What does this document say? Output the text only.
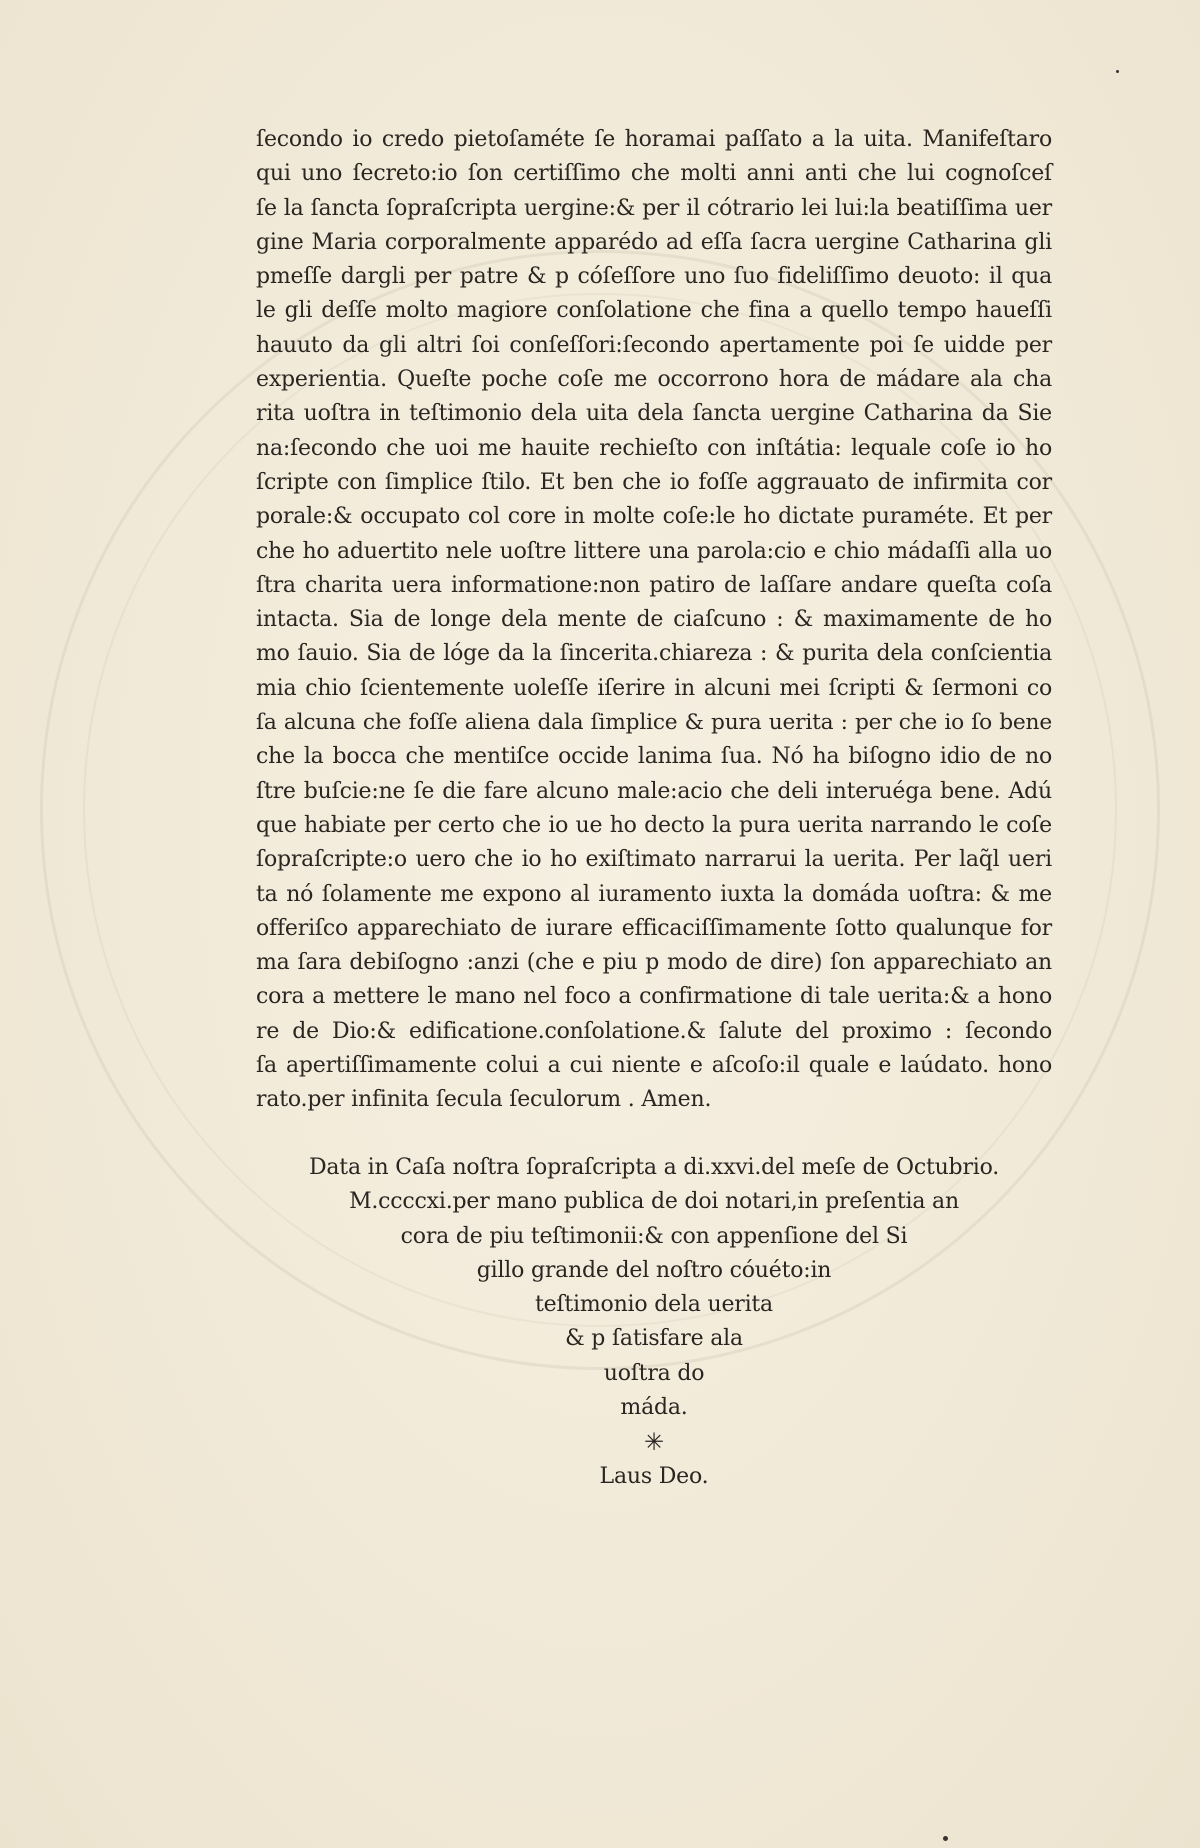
ſecondo io credo pietoſaméte ſe horamai paſſato a la uita. Manifeſtaro
qui uno ſecreto:io ſon certiſſimo che molti anni anti che lui cognoſceſ
ſe la ſancta ſopraſcripta uergine:& per il cótrario lei lui:la beatiſſima uer
gine Maria corporalmente apparédo ad eſſa ſacra uergine Catharina gli
pmeſſe dargli per patre & p cóſeſſore uno ſuo fideliſſimo deuoto: il qua
le gli deſſe molto magiore conſolatione che fina a quello tempo haueſſi
hauuto da gli altri ſoi conſeſſori:ſecondo apertamente poi ſe uidde per
experientia. Queſte poche coſe me occorrono hora de mádare ala cha
rita uoſtra in teſtimonio dela uita dela ſancta uergine Catharina da Sie
na:ſecondo che uoi me hauite rechieſto con inſtátia: lequale coſe io ho
ſcripte con ſimplice ſtilo. Et ben che io foſſe aggrauato de infirmita cor
porale:& occupato col core in molte coſe:le ho dictate puraméte. Et per
che ho aduertito nele uoſtre littere una parola:cio e chio mádaſſi alla uo
ſtra charita uera informatione:non patiro de laſſare andare queſta coſa
intacta. Sia de longe dela mente de ciaſcuno : & maximamente de ho
mo ſauio. Sia de lóge da la ſincerita.chiareza : & purita dela conſcientia
mia chio ſcientemente uoleſſe iſerire in alcuni mei ſcripti & ſermoni co
ſa alcuna che foſſe aliena dala ſimplice & pura uerita : per che io ſo bene
che la bocca che mentiſce occide lanima ſua. Nó ha biſogno idio de no
ſtre buſcie:ne ſe die fare alcuno male:acio che deli interuéga bene. Adú
que habiate per certo che io ue ho decto la pura uerita narrando le coſe
ſopraſcripte:o uero che io ho exiſtimato narrarui la uerita. Per laq̃l ueri
ta nó ſolamente me expono al iuramento iuxta la domáda uoſtra: & me
offeriſco apparechiato de iurare efficaciſſimamente ſotto qualunque for
ma ſara debiſogno :anzi (che e piu p modo de dire) ſon apparechiato an
cora a mettere le mano nel foco a confirmatione di tale uerita:& a hono
re de Dio:& edificatione.conſolatione.& ſalute del proximo : ſecondo
ſa apertiſſimamente colui a cui niente e aſcoſo:il quale e laúdato. hono
rato.per infinita ſecula ſeculorum . Amen.
Data in Caſa noſtra ſopraſcripta a di.xxvi.del meſe de Octubrio.
M.ccccxi.per mano publica de doi notari,in preſentia an
cora de piu teſtimonii:& con appenſione del Si
gillo grande del noſtro cóuéto:in
teſtimonio dela uerita
& p ſatisfare ala
uoſtra do
máda.
✳
Laus Deo.
